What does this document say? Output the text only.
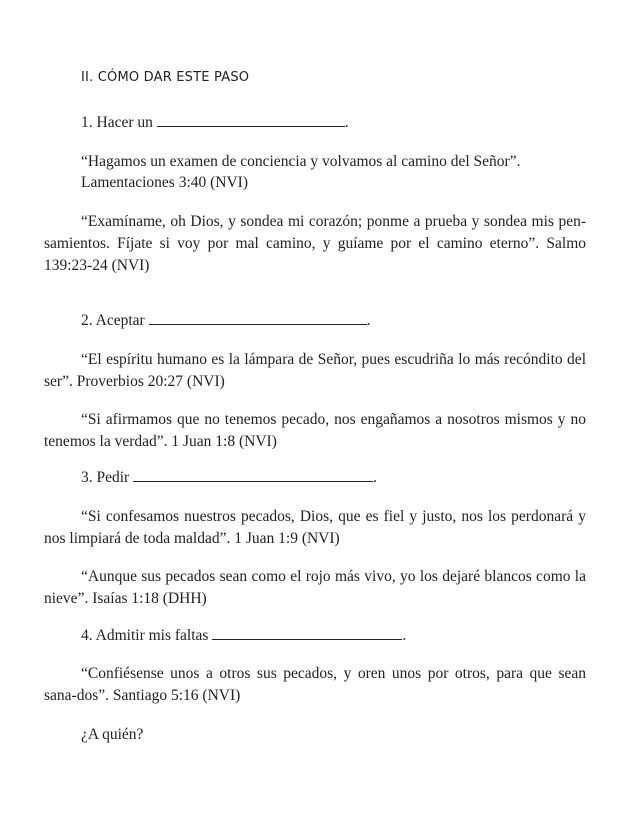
II. CÓMO DAR ESTE PASO
1. Hacer un	.
“Hagamos un examen de conciencia y volvamos al camino del Señor”.
Lamentaciones 3:40 (NVI)
“Examíname, oh Dios, y sondea mi corazón; ponme a prueba y sondea mis pen-samientos. Fíjate si voy por mal camino, y guíame por el camino eterno”. Salmo 139:23-24 (NVI)
2. Aceptar	.
“El espíritu humano es la lámpara de Señor, pues escudriña lo más recóndito del ser”. Proverbios 20:27 (NVI)
“Si afirmamos que no tenemos pecado, nos engañamos a nosotros mismos y no tenemos la verdad”. 1 Juan 1:8 (NVI)
3. Pedir	.
“Si confesamos nuestros pecados, Dios, que es fiel y justo, nos los perdonará y nos limpiará de toda maldad”. 1 Juan 1:9 (NVI)
“Aunque sus pecados sean como el rojo más vivo, yo los dejaré blancos como la nieve”. Isaías 1:18 (DHH)
4. Admitir mis faltas	.
“Confiésense unos a otros sus pecados, y oren unos por otros, para que sean sana-dos”. Santiago 5:16 (NVI)
¿A quién?
